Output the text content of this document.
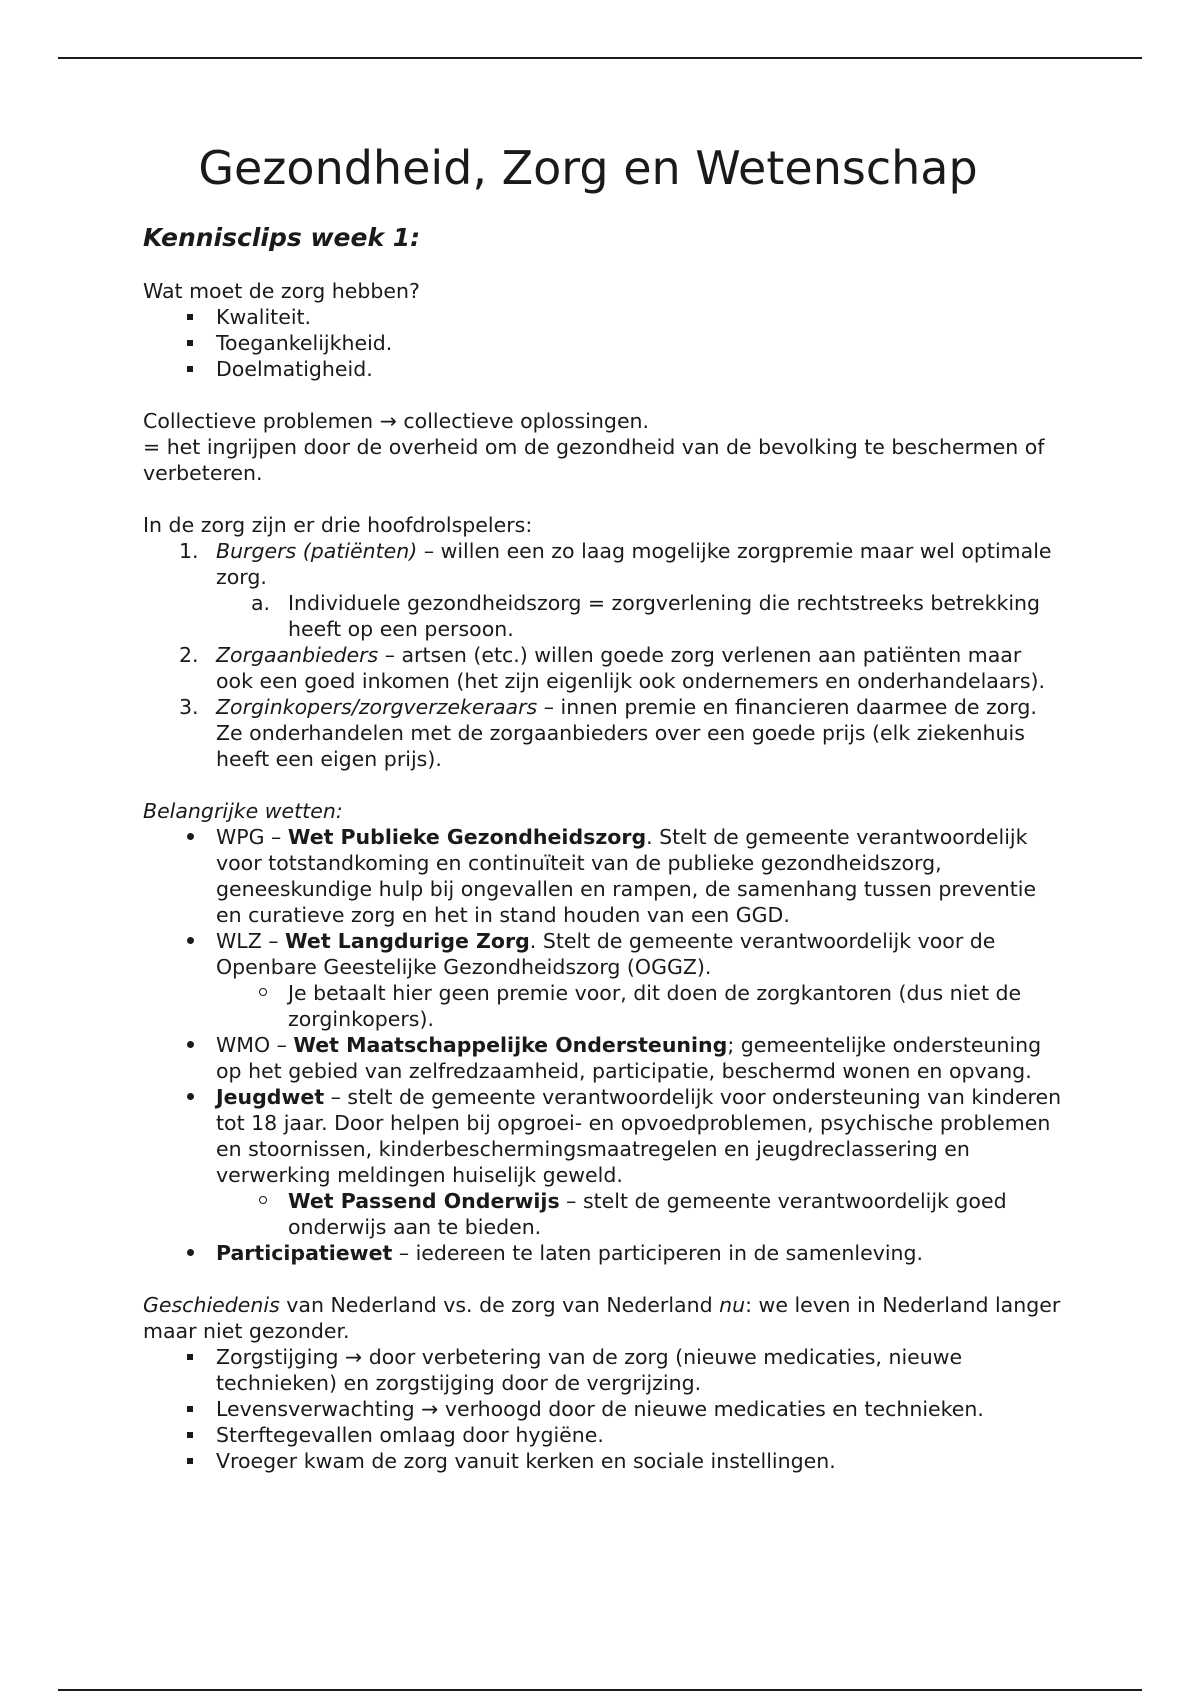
Gezondheid, Zorg en Wetenschap
Kennisclips week 1:

Wat moet de zorg hebben?

Kwaliteit.
Toegankelijkheid.
Doelmatigheid.

Collectieve problemen → collectieve oplossingen.

= het ingrijpen door de overheid om de gezondheid van de bevolking te beschermen of verbeteren.

In de zorg zijn er drie hoofdrolspelers:

1. Burgers (patiënten) – willen een zo laag mogelijke zorgpremie maar wel optimale zorg.
a. Individuele gezondheidszorg = zorgverlening die rechtstreeks betrekking heeft op een persoon.
2. Zorgaanbieders – artsen (etc.) willen goede zorg verlenen aan patiënten maar ook een goed inkomen (het zijn eigenlijk ook ondernemers en onderhandelaars).
3. Zorginkopers/zorgverzekeraars – innen premie en financieren daarmee de zorg. Ze onderhandelen met de zorgaanbieders over een goede prijs (elk ziekenhuis heeft een eigen prijs).

Belangrijke wetten:

WPG – Wet Publieke Gezondheidszorg. Stelt de gemeente verantwoordelijk voor totstandkoming en continuïteit van de publieke gezondheidszorg, geneeskundige hulp bij ongevallen en rampen, de samenhang tussen preventie en curatieve zorg en het in stand houden van een GGD.
WLZ – Wet Langdurige Zorg. Stelt de gemeente verantwoordelijk voor de Openbare Geestelijke Gezondheidszorg (OGGZ).
Je betaalt hier geen premie voor, dit doen de zorgkantoren (dus niet de zorginkopers).
WMO – Wet Maatschappelijke Ondersteuning; gemeentelijke ondersteuning op het gebied van zelfredzaamheid, participatie, beschermd wonen en opvang.
Jeugdwet – stelt de gemeente verantwoordelijk voor ondersteuning van kinderen tot 18 jaar. Door helpen bij opgroei- en opvoedproblemen, psychische problemen en stoornissen, kinderbeschermingsmaatregelen en jeugdreclassering en verwerking meldingen huiselijk geweld.
Wet Passend Onderwijs – stelt de gemeente verantwoordelijk goed onderwijs aan te bieden.
Participatiewet – iedereen te laten participeren in de samenleving.

Geschiedenis van Nederland vs. de zorg van Nederland nu: we leven in Nederland langer maar niet gezonder.

Zorgstijging → door verbetering van de zorg (nieuwe medicaties, nieuwe technieken) en zorgstijging door de vergrijzing.
Levensverwachting → verhoogd door de nieuwe medicaties en technieken.
Sterftegevallen omlaag door hygiëne.
Vroeger kwam de zorg vanuit kerken en sociale instellingen.
